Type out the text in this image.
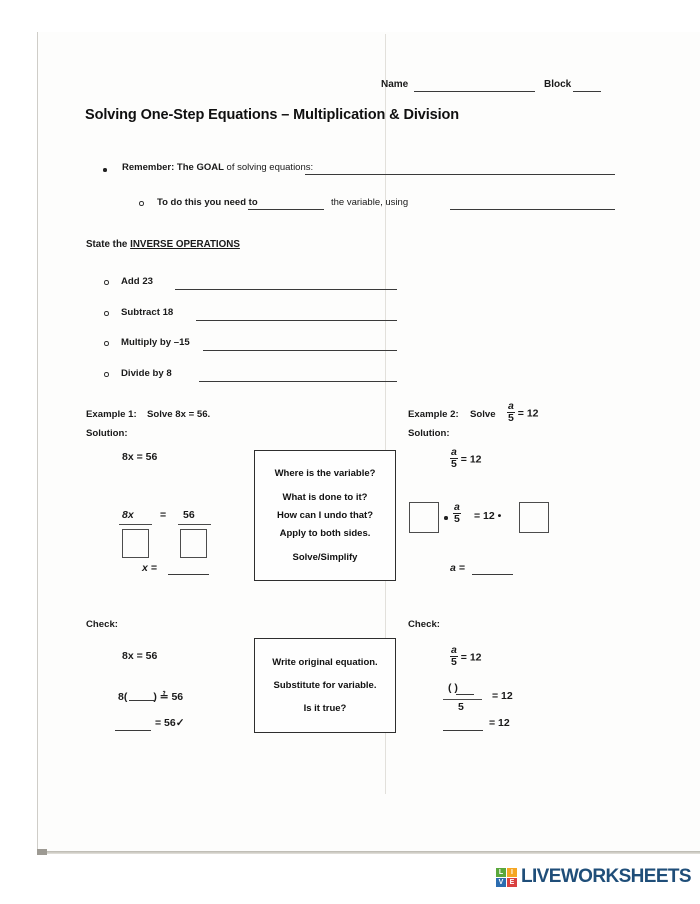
Name	Block
Solving One-Step Equations – Multiplication & Division
Remember: The GOAL of solving equations:
To do this you need to	the variable, using
State the INVERSE OPERATIONS
Add 23
Subtract 18
Multiply by –15
Divide by 8
Example 1: Solve 8x = 56.
Solution:
8x = 56
8x	= 56
x =
Example 2: Solve $\frac{a}{5} = 12$
Solution:
$\frac{a}{5} = 12$
$\frac{a}{5} = 12$ •
a =
Where is the variable?
What is done to it?
How can I undo that?
Apply to both sides.
Solve/Simplify
Check:
8x = 56
8( ) ≟ 56
= 56✓
Check:
$\frac{a}{5} = 12$
( )
5
= 12
= 12
Write original equation.
Substitute for variable.
Is it true?
L	I
V E LIVEWORKSHEETS
